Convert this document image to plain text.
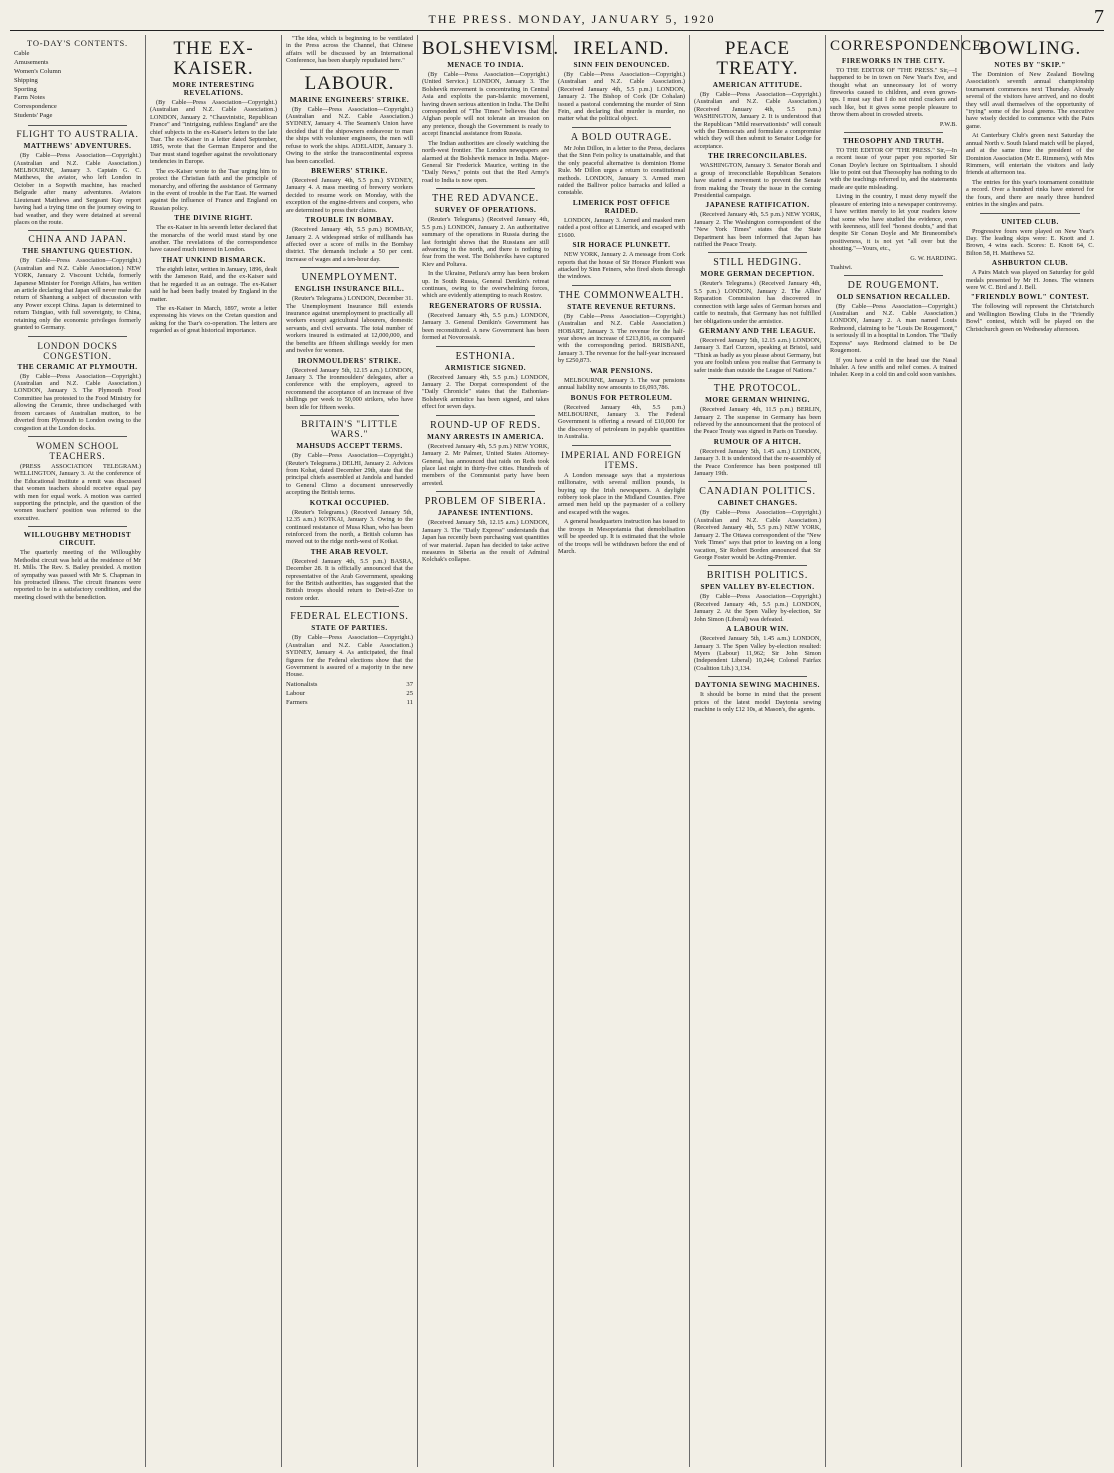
THE PRESS. MONDAY, JANUARY 5, 1920	7
TO-DAY'S CONTENTS.
Cable
Amusements
Women's Column
Shipping
Sporting
Farm Notes
Correspondence
Students' Page
FLIGHT TO AUSTRALIA.
MATTHEWS' ADVENTURES.

(By Cable—Press Association—Copyright.) (Australian and N.Z. Cable Association.) MELBOURNE, January 3. Captain G. C. Matthews, the aviator, who left London in October in a Sopwith machine, has reached Belgrade after many adventures. Aviators Lieutenant Matthews and Sergeant Kay report having had a trying time on the journey owing to bad weather, and they were detained at several places on the route.

CHINA AND JAPAN.
THE SHANTUNG QUESTION.

(By Cable—Press Association—Copyright.) (Australian and N.Z. Cable Association.) NEW YORK, January 2. Viscount Uchida, formerly Japanese Minister for Foreign Affairs, has written an article declaring that Japan will never make the return of Shantung a subject of discussion with any Power except China. Japan is determined to return Tsingtao, with full sovereignty, to China, retaining only the economic privileges formerly granted to Germany.

LONDON DOCKS CONGESTION.
THE CERAMIC AT PLYMOUTH.

(By Cable—Press Association—Copyright.) (Australian and N.Z. Cable Association.) LONDON, January 3. The Plymouth Food Committee has protested to the Food Ministry for allowing the Ceramic, three undischarged with frozen carcases of Australian mutton, to be diverted from Plymouth to London owing to the congestion at the London docks.

WOMEN SCHOOL TEACHERS.

(PRESS ASSOCIATION TELEGRAM.) WELLINGTON, January 3. At the conference of the Educational Institute a remit was discussed that women teachers should receive equal pay with men for equal work. A motion was carried supporting the principle, and the question of the women teachers' position was referred to the executive.

WILLOUGHBY METHODIST CIRCUIT.

The quarterly meeting of the Willoughby Methodist circuit was held at the residence of Mr H. Mills. The Rev. S. Bailey presided. A motion of sympathy was passed with Mr S. Chapman in his protracted illness. The circuit finances were reported to be in a satisfactory condition, and the meeting closed with the benediction.

THE EX-KAISER.
MORE INTERESTING REVELATIONS.

(By Cable—Press Association—Copyright.) (Australian and N.Z. Cable Association.) LONDON, January 2. "Chauvinistic, Republican France" and "intriguing, ruthless England" are the chief subjects in the ex-Kaiser's letters to the late Tsar. The ex-Kaiser in a letter dated September, 1895, wrote that the German Emperor and the Tsar must stand together against the revolutionary tendencies in Europe.

The ex-Kaiser wrote to the Tsar urging him to protect the Christian faith and the principle of monarchy, and offering the assistance of Germany in the event of trouble in the Far East. He warned against the influence of France and England on Russian policy.

THE DIVINE RIGHT.

The ex-Kaiser in his seventh letter declared that the monarchs of the world must stand by one another. The revelations of the correspondence have caused much interest in London.

THAT UNKIND BISMARCK.

The eighth letter, written in January, 1896, dealt with the Jameson Raid, and the ex-Kaiser said that he regarded it as an outrage. The ex-Kaiser said he had been badly treated by England in the matter.

The ex-Kaiser in March, 1897, wrote a letter expressing his views on the Cretan question and asking for the Tsar's co-operation. The letters are regarded as of great historical importance.

"The idea, which is beginning to be ventilated in the Press across the Channel, that Chinese affairs will be discussed by an International Conference, has been sharply repudiated here."

LABOUR.
MARINE ENGINEERS' STRIKE.

(By Cable—Press Association—Copyright.) (Australian and N.Z. Cable Association.) SYDNEY, January 4. The Seamen's Union have decided that if the shipowners endeavour to man the ships with volunteer engineers, the men will refuse to work the ships. ADELAIDE, January 3. Owing to the strike the transcontinental express has been cancelled.

BREWERS' STRIKE.

(Received January 4th, 5.5 p.m.) SYDNEY, January 4. A mass meeting of brewery workers decided to resume work on Monday, with the exception of the engine-drivers and coopers, who are determined to press their claims.

TROUBLE IN BOMBAY.

(Received January 4th, 5.5 p.m.) BOMBAY, January 2. A widespread strike of millhands has affected over a score of mills in the Bombay district. The demands include a 50 per cent. increase of wages and a ten-hour day.

UNEMPLOYMENT.
ENGLISH INSURANCE BILL.

(Reuter's Telegrams.) LONDON, December 31. The Unemployment Insurance Bill extends insurance against unemployment to practically all workers except agricultural labourers, domestic servants, and civil servants. The total number of workers insured is estimated at 12,000,000, and the benefits are fifteen shillings weekly for men and twelve for women.

IRONMOULDERS' STRIKE.

(Received January 5th, 12.15 a.m.) LONDON, January 3. The ironmoulders' delegates, after a conference with the employers, agreed to recommend the acceptance of an increase of five shillings per week to 50,000 strikers, who have been idle for fifteen weeks.

BRITAIN'S "LITTLE WARS."
MAHSUDS ACCEPT TERMS.

(By Cable—Press Association—Copyright.) (Reuter's Telegrams.) DELHI, January 2. Advices from Kohat, dated December 29th, state that the principal chiefs assembled at Jandola and handed to General Climo a document unreservedly accepting the British terms.

KOTKAI OCCUPIED.

(Reuter's Telegrams.) (Received January 5th, 12.35 a.m.) KOTKAI, January 3. Owing to the continued resistance of Musa Khan, who has been reinforced from the north, a British column has moved out to the ridge north-west of Kotkai.

THE ARAB REVOLT.

(Received January 4th, 5.5 p.m.) BASRA, December 28. It is officially announced that the representative of the Arab Government, speaking for the British authorities, has suggested that the British troops should return to Deir-el-Zor to restore order.

FEDERAL ELECTIONS.
STATE OF PARTIES.

(By Cable—Press Association—Copyright.) (Australian and N.Z. Cable Association.) SYDNEY, January 4. As anticipated, the final figures for the Federal elections show that the Government is assured of a majority in the new House.

Nationalists	37
Labour	25
Farmers	11
BOLSHEVISM.
MENACE TO INDIA.

(By Cable—Press Association—Copyright.) (United Service.) LONDON, January 3. The Bolshevik movement is concentrating in Central Asia and exploits the pan-Islamic movement, having drawn serious attention in India. The Delhi correspondent of "The Times" believes that the Afghan people will not tolerate an invasion on any pretence, though the Government is ready to accept financial assistance from Russia.

The Indian authorities are closely watching the north-west frontier. The London newspapers are alarmed at the Bolshevik menace in India. Major-General Sir Frederick Maurice, writing in the "Daily News," points out that the Red Army's road to India is now open.

THE RED ADVANCE.
SURVEY OF OPERATIONS.

(Reuter's Telegrams.) (Received January 4th, 5.5 p.m.) LONDON, January 2. An authoritative summary of the operations in Russia during the last fortnight shows that the Russians are still advancing in the north, and there is nothing to fear from the west. The Bolsheviks have captured Kiev and Poltava.

In the Ukraine, Petlura's army has been broken up. In South Russia, General Denikin's retreat continues, owing to the overwhelming forces, which are evidently attempting to reach Rostov.

REGENERATORS OF RUSSIA.

(Received January 4th, 5.5 p.m.) LONDON, January 3. General Denikin's Government has been reconstituted. A new Government has been formed at Novorossisk.

ESTHONIA.
ARMISTICE SIGNED.

(Received January 4th, 5.5 p.m.) LONDON, January 2. The Dorpat correspondent of the "Daily Chronicle" states that the Esthonian-Bolshevik armistice has been signed, and takes effect for seven days.

ROUND-UP OF REDS.
MANY ARRESTS IN AMERICA.

(Received January 4th, 5.5 p.m.) NEW YORK, January 2. Mr Palmer, United States Attorney-General, has announced that raids on Reds took place last night in thirty-five cities. Hundreds of members of the Communist party have been arrested.

PROBLEM OF SIBERIA.
JAPANESE INTENTIONS.

(Received January 5th, 12.15 a.m.) LONDON, January 3. The "Daily Express" understands that Japan has recently been purchasing vast quantities of war material. Japan has decided to take active measures in Siberia as the result of Admiral Kolchak's collapse.

IRELAND.
SINN FEIN DENOUNCED.

(By Cable—Press Association—Copyright.) (Australian and N.Z. Cable Association.) (Received January 4th, 5.5 p.m.) LONDON, January 2. The Bishop of Cork (Dr Cohalan) issued a pastoral condemning the murder of Sinn Fein, and declaring that murder is murder, no matter what the political object.

A BOLD OUTRAGE.

Mr John Dillon, in a letter to the Press, declares that the Sinn Fein policy is unattainable, and that the only peaceful alternative is dominion Home Rule. Mr Dillon urges a return to constitutional methods. LONDON, January 3. Armed men raided the Ballivor police barracks and killed a constable.

LIMERICK POST OFFICE RAIDED.

LONDON, January 3. Armed and masked men raided a post office at Limerick, and escaped with £1600.

SIR HORACE PLUNKETT.

NEW YORK, January 2. A message from Cork reports that the house of Sir Horace Plunkett was attacked by Sinn Feiners, who fired shots through the windows.

THE COMMONWEALTH.
STATE REVENUE RETURNS.

(By Cable—Press Association—Copyright.) (Australian and N.Z. Cable Association.) HOBART, January 3. The revenue for the half-year shows an increase of £213,816, as compared with the corresponding period. BRISBANE, January 3. The revenue for the half-year increased by £250,873.

WAR PENSIONS.

MELBOURNE, January 3. The war pensions annual liability now amounts to £6,093,786.

BONUS FOR PETROLEUM.

(Received January 4th, 5.5 p.m.) MELBOURNE, January 3. The Federal Government is offering a reward of £10,000 for the discovery of petroleum in payable quantities in Australia.

IMPERIAL AND FOREIGN ITEMS.

A London message says that a mysterious millionaire, with several million pounds, is buying up the Irish newspapers. A daylight robbery took place in the Midland Counties. Five armed men held up the paymaster of a colliery and escaped with the wages.

A general headquarters instruction has issued to the troops in Mesopotamia that demobilisation will be speeded up. It is estimated that the whole of the troops will be withdrawn before the end of March.

PEACE TREATY.
AMERICAN ATTITUDE.

(By Cable—Press Association—Copyright.) (Australian and N.Z. Cable Association.) (Received January 4th, 5.5 p.m.) WASHINGTON, January 2. It is understood that the Republican "Mild reservationists" will consult with the Democrats and formulate a compromise which they will then submit to Senator Lodge for acceptance.

THE IRRECONCILABLES.

WASHINGTON, January 3. Senator Borah and a group of irreconcilable Republican Senators have started a movement to prevent the Senate from making the Treaty the issue in the coming Presidential campaign.

JAPANESE RATIFICATION.

(Received January 4th, 5.5 p.m.) NEW YORK, January 2. The Washington correspondent of the "New York Times" states that the State Department has been informed that Japan has ratified the Peace Treaty.

STILL HEDGING.
MORE GERMAN DECEPTION.

(Reuter's Telegrams.) (Received January 4th, 5.5 p.m.) LONDON, January 2. The Allies' Reparation Commission has discovered in connection with large sales of German horses and cattle to neutrals, that Germany has not fulfilled her obligations under the armistice.

GERMANY AND THE LEAGUE.

(Received January 5th, 12.15 a.m.) LONDON, January 3. Earl Curzon, speaking at Bristol, said "Think as badly as you please about Germany, but you are foolish unless you realise that Germany is safer inside than outside the League of Nations."

THE PROTOCOL.
MORE GERMAN WHINING.

(Received January 4th, 11.5 p.m.) BERLIN, January 2. The suspense in Germany has been relieved by the announcement that the protocol of the Peace Treaty was signed in Paris on Tuesday.

RUMOUR OF A HITCH.

(Received January 5th, 1.45 a.m.) LONDON, January 3. It is understood that the re-assembly of the Peace Conference has been postponed till January 19th.

CANADIAN POLITICS.
CABINET CHANGES.

(By Cable—Press Association—Copyright.) (Australian and N.Z. Cable Association.) (Received January 4th, 5.5 p.m.) NEW YORK, January 2. The Ottawa correspondent of the "New York Times" says that prior to leaving on a long vacation, Sir Robert Borden announced that Sir George Foster would be Acting-Premier.

BRITISH POLITICS.
SPEN VALLEY BY-ELECTION.

(By Cable—Press Association—Copyright.) (Received January 4th, 5.5 p.m.) LONDON, January 2. At the Spen Valley by-election, Sir John Simon (Liberal) was defeated.

A LABOUR WIN.

(Received January 5th, 1.45 a.m.) LONDON, January 3. The Spen Valley by-election resulted: Myers (Labour) 11,962; Sir John Simon (Independent Liberal) 10,244; Colonel Fairfax (Coalition Lib.) 3,134.

DAYTONIA SEWING MACHINES.

It should be borne in mind that the present prices of the latest model Daytonia sewing machine is only £12 10s, at Mason's, the agents.

CORRESPONDENCE.
FIREWORKS IN THE CITY.

TO THE EDITOR OF "THE PRESS." Sir,—I happened to be in town on New Year's Eve, and thought what an unnecessary lot of worry fireworks caused to children, and even grown-ups. I must say that I do not mind crackers and such like, but it gives some people pleasure to throw them about in crowded streets.

P.W.B.
THEOSOPHY AND TRUTH.

TO THE EDITOR OF "THE PRESS." Sir,—In a recent issue of your paper you reported Sir Conan Doyle's lecture on Spiritualism. I should like to point out that Theosophy has nothing to do with the teachings referred to, and the statements made are quite misleading.

Living in the country, I must deny myself the pleasure of entering into a newspaper controversy. I have written merely to let your readers know that some who have studied the evidence, even with keenness, still feel "honest doubts," and that despite Sir Conan Doyle and Mr Bruneomibe's positiveness, it is not yet "all over but the shouting."—Yours, etc.,

G. W. HARDING.
Tuahiwi.
DE ROUGEMONT.
OLD SENSATION RECALLED.

(By Cable—Press Association—Copyright.) (Australian and N.Z. Cable Association.) LONDON, January 2. A man named Louis Redmond, claiming to be "Louis De Rougemont," is seriously ill in a hospital in London. The "Daily Express" says Redmond claimed to be De Rougemont.

If you have a cold in the head use the Nasal Inhaler. A few sniffs and relief comes. A trained inhaler. Keep in a cold tin and cold soon vanishes.

BOWLING.
NOTES BY "SKIP."

The Dominion of New Zealand Bowling Association's seventh annual championship tournament commences next Thursday. Already several of the visitors have arrived, and no doubt they will avail themselves of the opportunity of "trying" some of the local greens. The executive have wisely decided to commence with the Pairs game.

At Canterbury Club's green next Saturday the annual North v. South Island match will be played, and at the same time the president of the Dominion Association (Mr E. Rimmers), with Mrs Rimmers, will entertain the visitors and lady friends at afternoon tea.

The entries for this year's tournament constitute a record. Over a hundred rinks have entered for the fours, and there are nearly three hundred entries in the singles and pairs.

UNITED CLUB.

Progressive fours were played on New Year's Day. The leading skips were: E. Knott and J. Brown, 4 wins each. Scores: E. Knott 64, C. Bilton 58, H. Matthews 52.

ASHBURTON CLUB.

A Pairs Match was played on Saturday for gold medals presented by Mr H. Jones. The winners were W. C. Bird and J. Bell.

"FRIENDLY BOWL" CONTEST.

The following will represent the Christchurch and Wellington Bowling Clubs in the "Friendly Bowl" contest, which will be played on the Christchurch green on Wednesday afternoon.
